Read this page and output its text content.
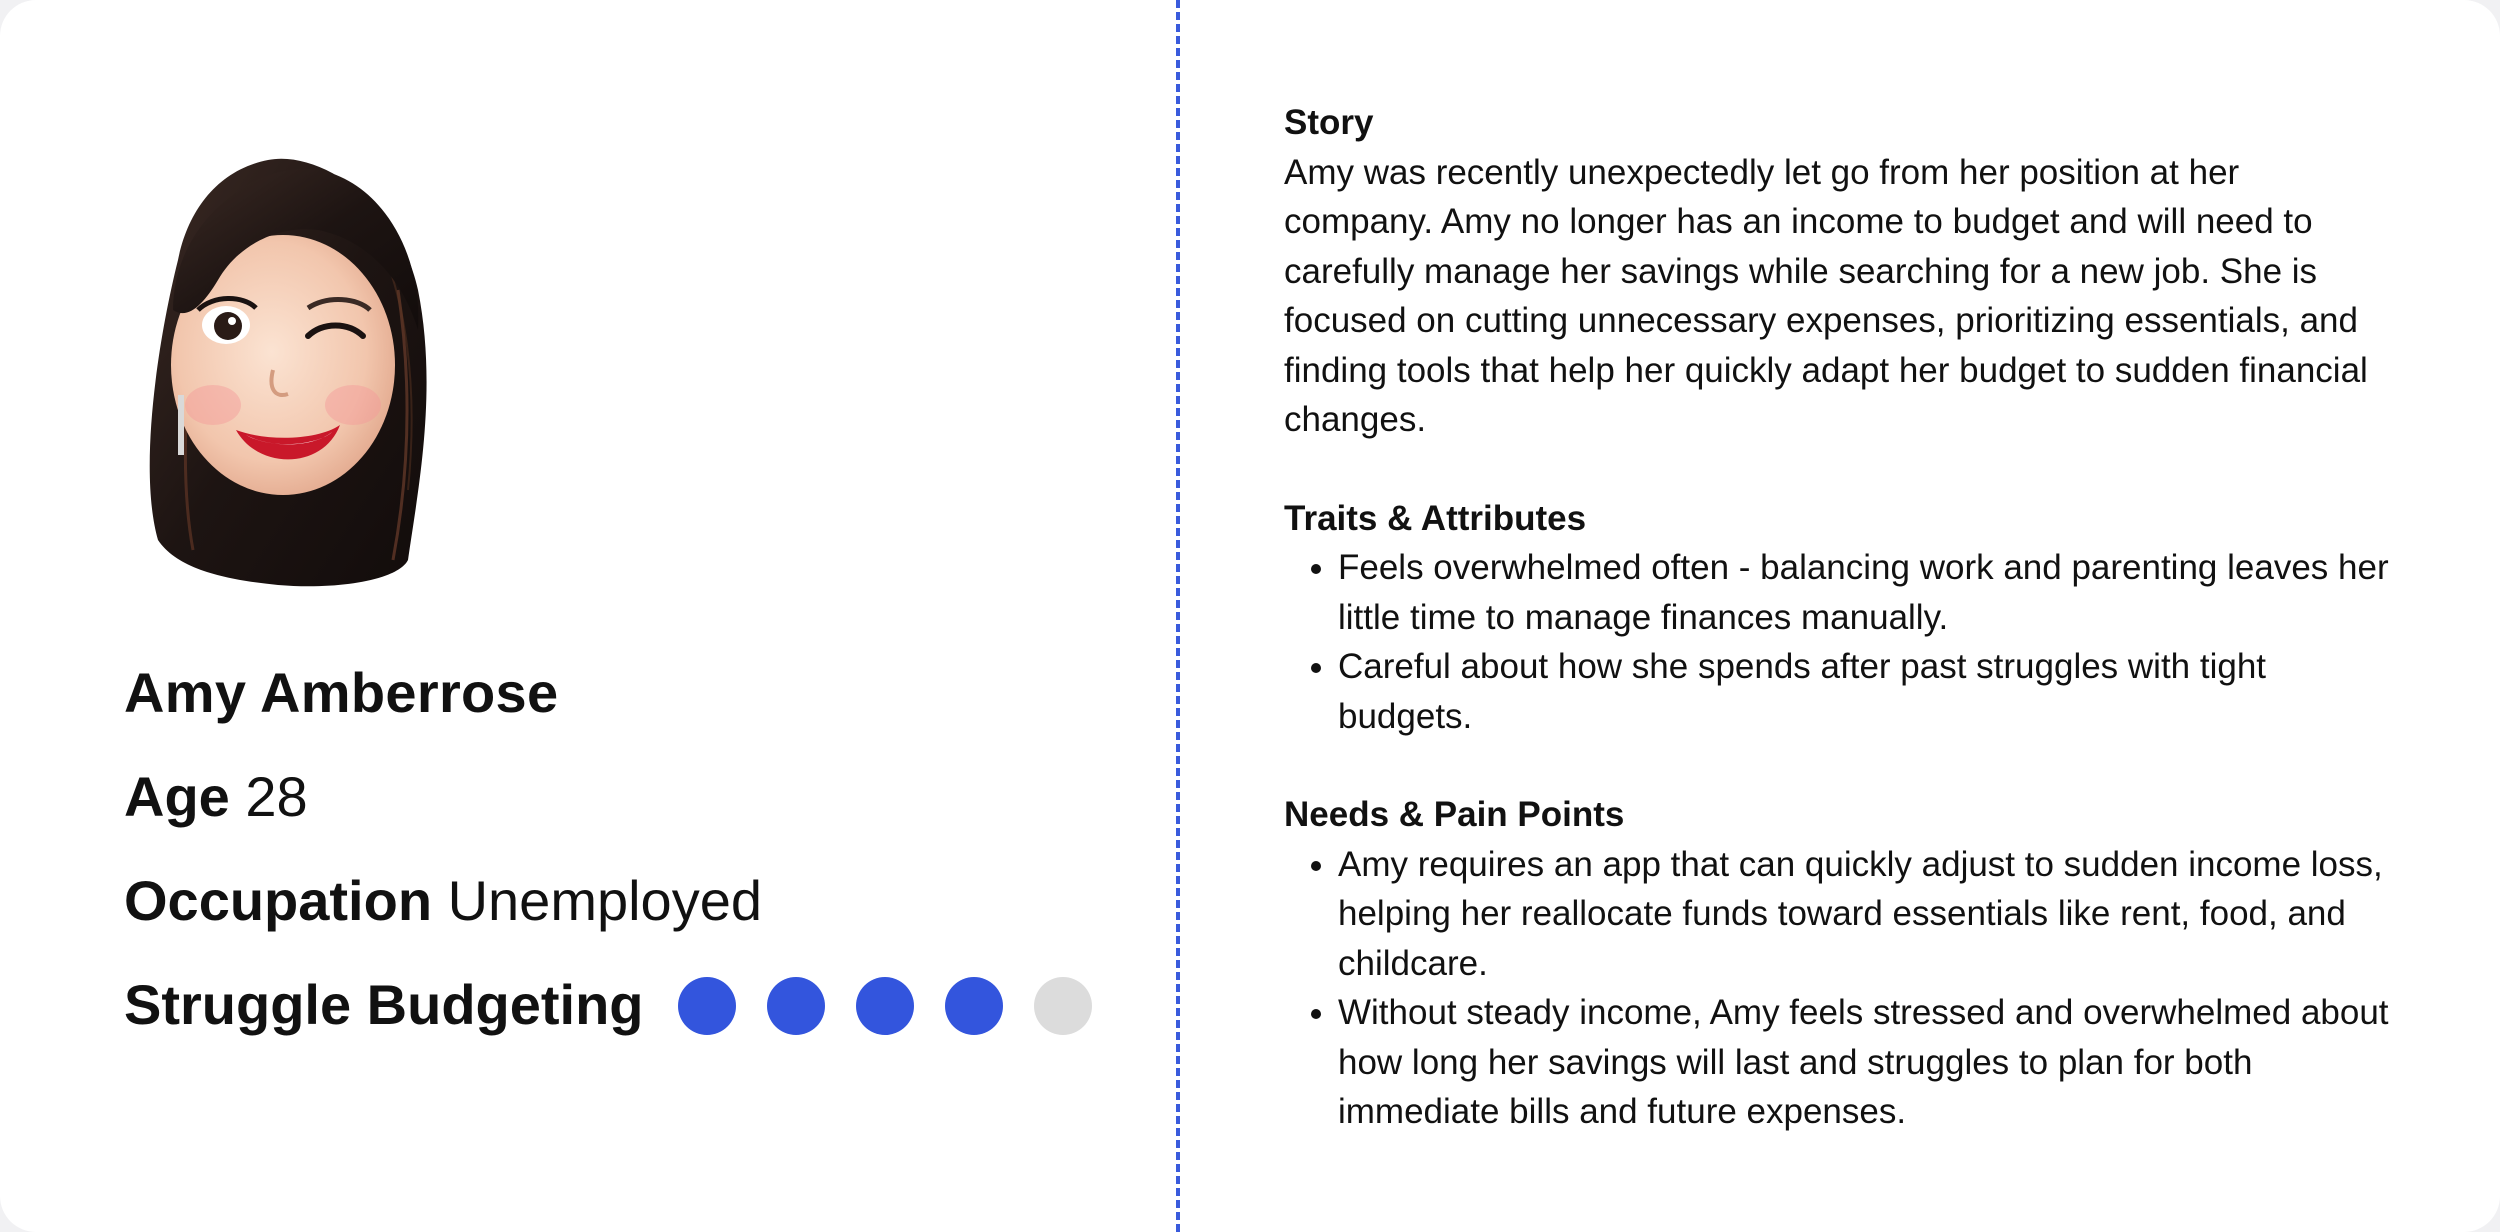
Amy Amberrose
Age 28
Occupation Unemployed
Struggle Budgeting
Story

Amy was recently unexpectedly let go from her position at her company. Amy no longer has an income to budget and will need to carefully manage her savings while searching for a new job. She is focused on cutting unnecessary expenses, prioritizing essentials, and finding tools that help her quickly adapt her budget to sudden financial changes.

Traits & Attributes
• Feels overwhelmed often - balancing work and parenting leaves her little time to manage finances manually.
• Careful about how she spends after past struggles with tight budgets.
Needs & Pain Points
• Amy requires an app that can quickly adjust to sudden income loss, helping her reallocate funds toward essentials like rent, food, and childcare.
• Without steady income, Amy feels stressed and overwhelmed about how long her savings will last and struggles to plan for both immediate bills and future expenses.
